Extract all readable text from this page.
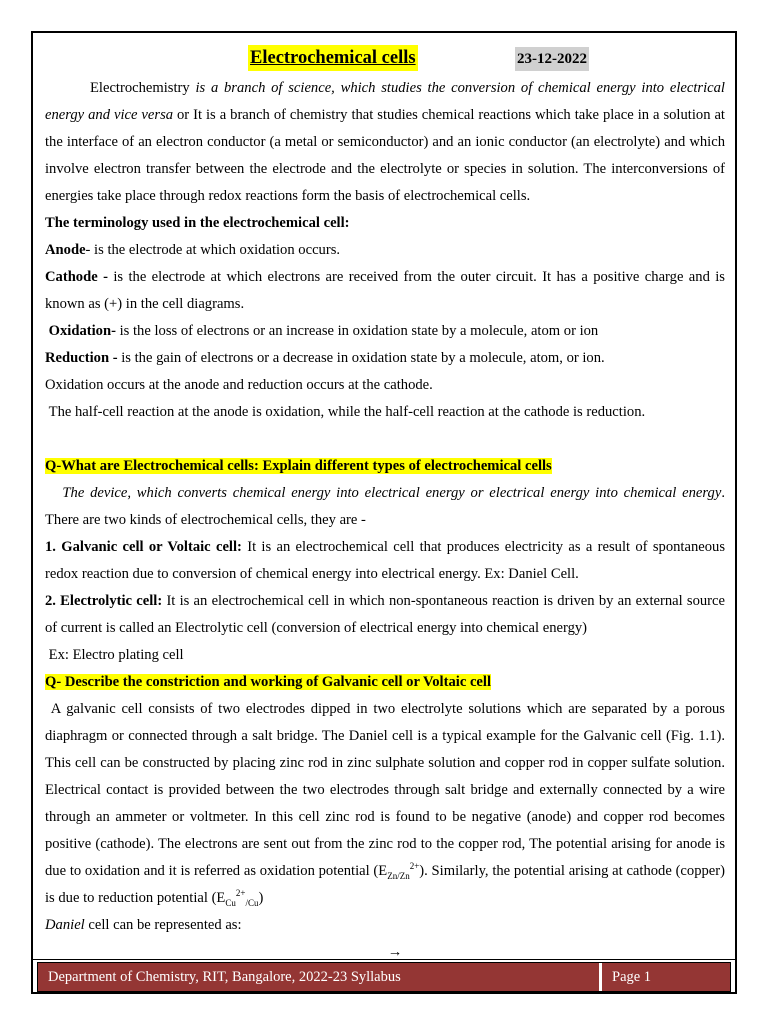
Electrochemical cells	23-12-2022

Electrochemistry is a branch of science, which studies the conversion of chemical energy into electrical energy and vice versa or It is a branch of chemistry that studies chemical reactions which take place in a solution at the interface of an electron conductor (a metal or semiconductor) and an ionic conductor (an electrolyte) and which involve electron transfer between the electrode and the electrolyte or species in solution. The interconversions of energies take place through redox reactions form the basis of electrochemical cells.

The terminology used in the electrochemical cell:

Anode- is the electrode at which oxidation occurs.

Cathode - is the electrode at which electrons are received from the outer circuit. It has a positive charge and is known as (+) in the cell diagrams.

Oxidation- is the loss of electrons or an increase in oxidation state by a molecule, atom or ion

Reduction - is the gain of electrons or a decrease in oxidation state by a molecule, atom, or ion.

Oxidation occurs at the anode and reduction occurs at the cathode.

The half-cell reaction at the anode is oxidation, while the half-cell reaction at the cathode is reduction.

Q-What are Electrochemical cells: Explain different types of electrochemical cells

The device, which converts chemical energy into electrical energy or electrical energy into chemical energy. There are two kinds of electrochemical cells, they are -

1. Galvanic cell or Voltaic cell: It is an electrochemical cell that produces electricity as a result of spontaneous redox reaction due to conversion of chemical energy into electrical energy. Ex: Daniel Cell.

2. Electrolytic cell: It is an electrochemical cell in which non-spontaneous reaction is driven by an external source of current is called an Electrolytic cell (conversion of electrical energy into chemical energy)

Ex: Electro plating cell

Q- Describe the constriction and working of Galvanic cell or Voltaic cell

A galvanic cell consists of two electrodes dipped in two electrolyte solutions which are separated by a porous diaphragm or connected through a salt bridge. The Daniel cell is a typical example for the Galvanic cell (Fig. 1.1). This cell can be constructed by placing zinc rod in zinc sulphate solution and copper rod in copper sulfate solution. Electrical contact is provided between the two electrodes through salt bridge and externally connected by a wire through an ammeter or voltmeter. In this cell zinc rod is found to be negative (anode) and copper rod becomes positive (cathode). The electrons are sent out from the zinc rod to the copper rod, The potential arising for anode is due to oxidation and it is referred as oxidation potential $(E_{Zn/Zn}^{2+})$. Similarly, the potential arising at cathode (copper) is due to reduction potential $(E_{Cu}^{2+}_{/Cu})$

Daniel cell can be represented as:

→

Department of Chemistry, RIT, Bangalore, 2022-23 Syllabus	Page 1
